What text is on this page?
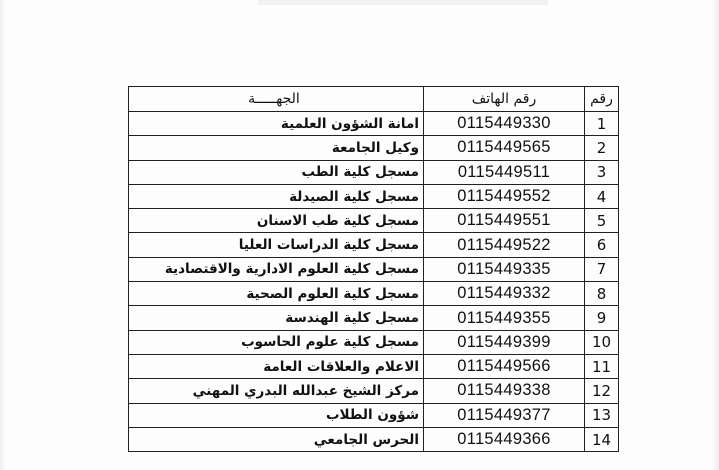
رقم	رقم الهاتف	الجهـــــة
1	0115449330	امانة الشؤون العلمية
2	0115449565	وكيل الجامعة
3	0115449511	مسجل كلية الطب
4	0115449552	مسجل كلية الصيدلة
5	0115449551	مسجل كلية طب الاسنان
6	0115449522	مسجل كلية الدراسات العليا
7	0115449335	مسجل كلية العلوم الادارية والاقتصادية
8	0115449332	مسجل كلية العلوم الصحية
9	0115449355	مسجل كلية الهندسة
10	0115449399	مسجل كلية علوم الحاسوب
11	0115449566	الاعلام والعلاقات العامة
12	0115449338	مركز الشيخ عبدالله البدري المهني
13	0115449377	شؤون الطلاب
14	0115449366	الحرس الجامعي
